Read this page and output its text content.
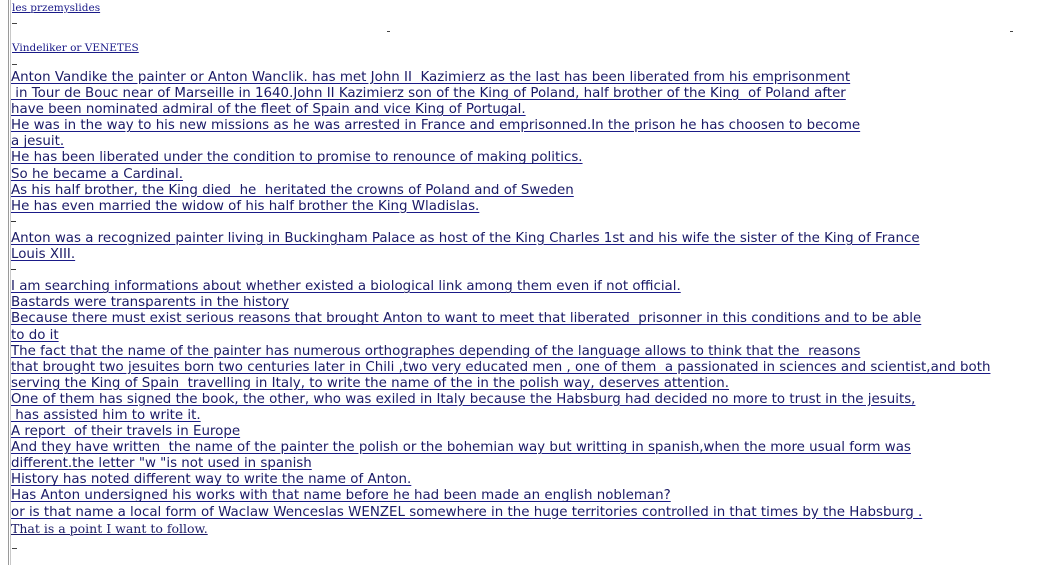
les przemyslides
Vindeliker or VENETES
Anton Vandike the painter or Anton Wanclik. has met John II  Kazimierz as the last has been liberated from his emprisonment
in Tour de Bouc near of Marseille in 1640.John II Kazimierz son of the King of Poland, half brother of the King  of Poland after
have been nominated admiral of the fleet of Spain and vice King of Portugal.
He was in the way to his new missions as he was arrested in France and emprisonned.In the prison he has choosen to become
a jesuit.
He has been liberated under the condition to promise to renounce of making politics.
So he became a Cardinal.
As his half brother, the King died  he  heritated the crowns of Poland and of Sweden
He has even married the widow of his half brother the King Wladislas.
Anton was a recognized painter living in Buckingham Palace as host of the King Charles 1st and his wife the sister of the King of France
Louis XIII.
I am searching informations about whether existed a biological link among them even if not official.
Bastards were transparents in the history
Because there must exist serious reasons that brought Anton to want to meet that liberated  prisonner in this conditions and to be able
to do it
The fact that the name of the painter has numerous orthographes depending of the language allows to think that the  reasons
that brought two jesuites born two centuries later in Chili ,two very educated men , one of them  a passionated in sciences and scientist,and both
serving the King of Spain  travelling in Italy, to write the name of the in the polish way, deserves attention.
One of them has signed the book, the other, who was exiled in Italy because the Habsburg had decided no more to trust in the jesuits,
has assisted him to write it.
A report  of their travels in Europe
And they have written  the name of the painter the polish or the bohemian way but writting in spanish,when the more usual form was
different.the letter "w "is not used in spanish
History has noted different way to write the name of Anton.
Has Anton undersigned his works with that name before he had been made an english nobleman?
or is that name a local form of Waclaw Wenceslas WENZEL somewhere in the huge territories controlled in that times by the Habsburg .
That is a point I want to follow.
